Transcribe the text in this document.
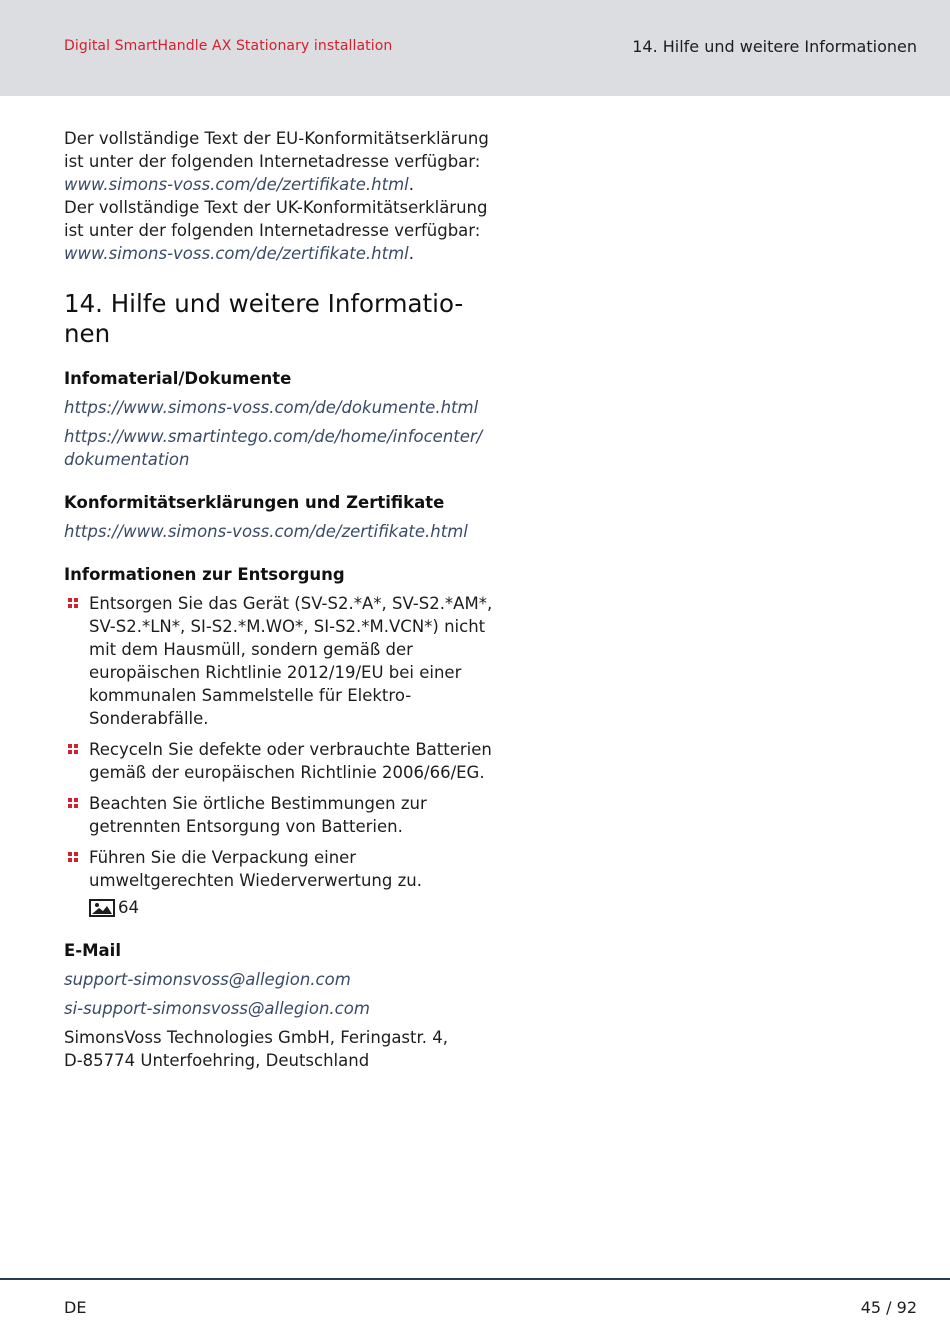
Digital SmartHandle AX Stationary installation	14. Hilfe und weitere Informationen

Der vollständige Text der EU-Konformitätserklärung ist unter der folgenden Internetadresse verfügbar:
www.simons-voss.com/de/zertifikate.html.

Der vollständige Text der UK-Konformitätserklärung ist unter der folgenden Internetadresse verfügbar:
www.simons-voss.com/de/zertifikate.html.

14. Hilfe und weitere Informatio-
nen
Infomaterial/Dokumente

https://www.simons-voss.com/de/dokumente.html

https://www.smartintego.com/de/home/infocenter/
dokumentation

Konformitätserklärungen und Zertifikate

https://www.simons-voss.com/de/zertifikate.html

Informationen zur Entsorgung
Entsorgen Sie das Gerät (SV-S2.*A*, SV-S2.*AM*, SV-S2.*LN*, SI-S2.*M.WO*, SI-S2.*M.VCN*) nicht mit dem Hausmüll, sondern gemäß der europäischen Richtlinie 2012/19/EU bei einer kommunalen Sammelstelle für Elektro-Sonderabfälle.
Recyceln Sie defekte oder verbrauchte Batterien gemäß der europäischen Richtlinie 2006/66/EG.
Beachten Sie örtliche Bestimmungen zur getrennten Entsorgung von Batterien.
Führen Sie die Verpackung einer umweltgerechten Wiederverwertung zu.
64
E-Mail

support-simonsvoss@allegion.com

si-support-simonsvoss@allegion.com

SimonsVoss Technologies GmbH, Feringastr. 4,
D-85774 Unterfoehring, Deutschland

DE	45 / 92
